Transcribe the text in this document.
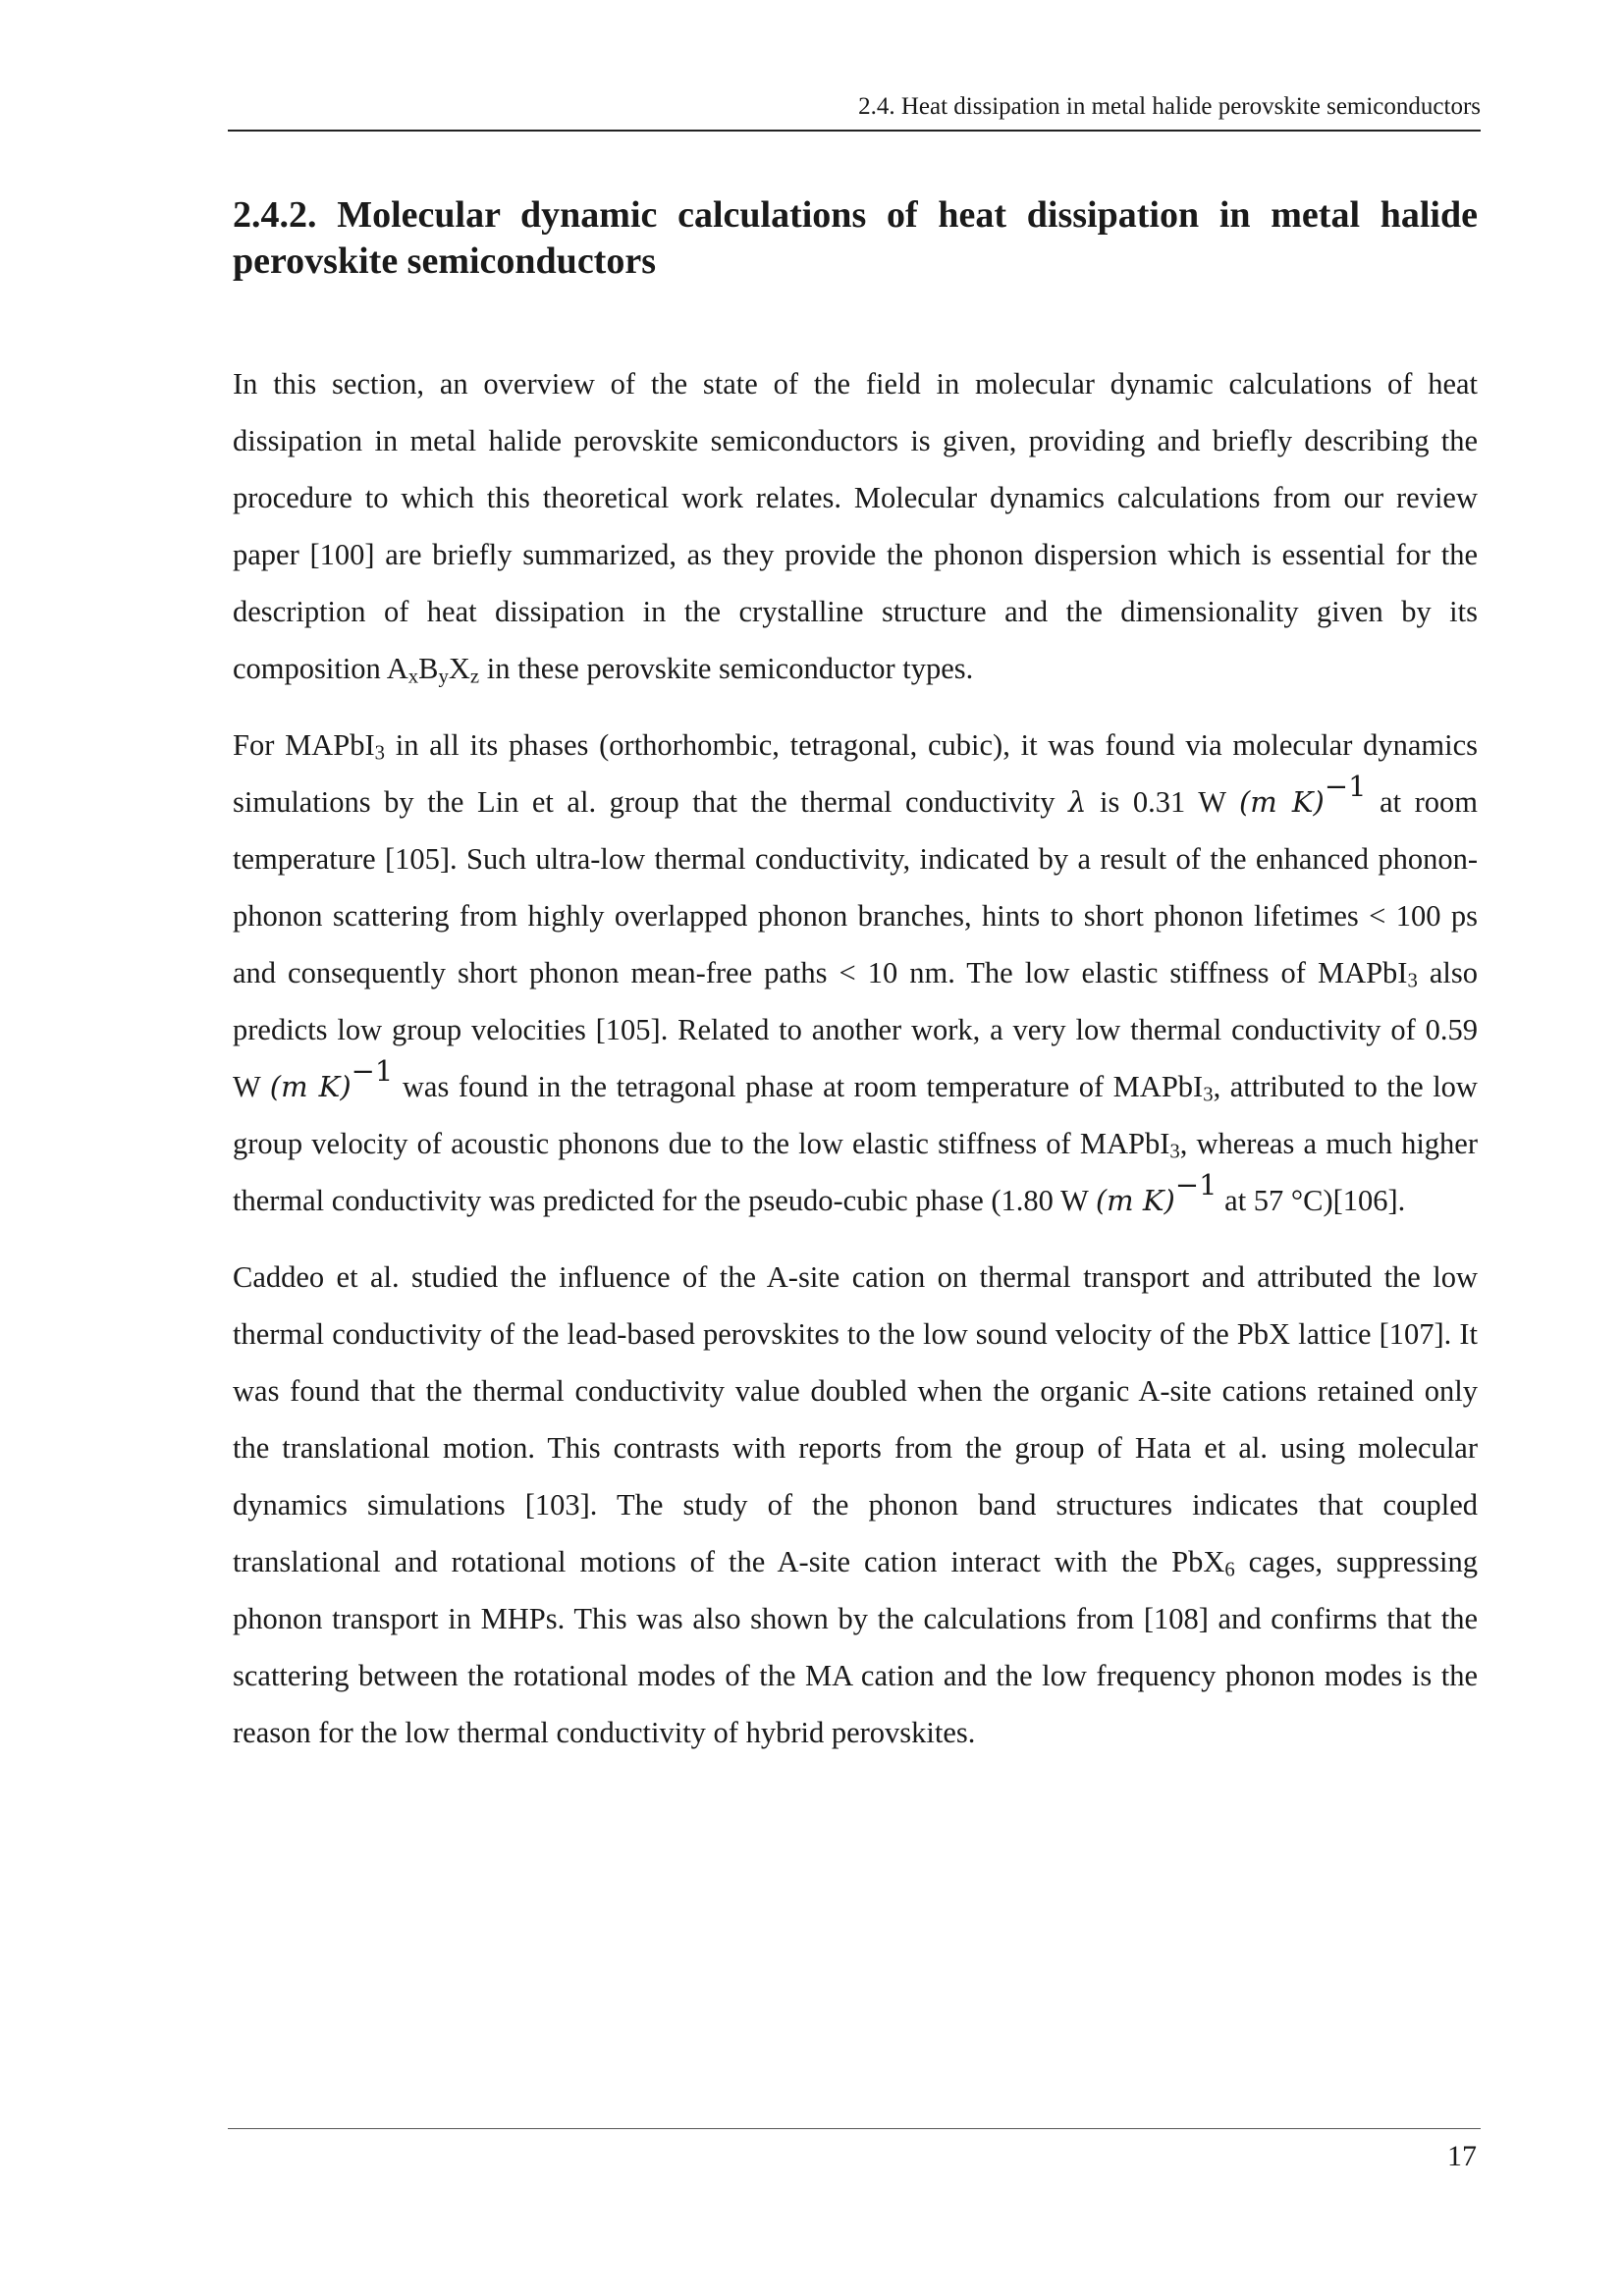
2.4. Heat dissipation in metal halide perovskite semiconductors
2.4.2. Molecular dynamic calculations of heat dissipation in metal halide perovskite semiconductors

In this section, an overview of the state of the field in molecular dynamic calculations of heat dissipation in metal halide perovskite semiconductors is given, providing and briefly describing the procedure to which this theoretical work relates. Molecular dynamics calculations from our review paper [100] are briefly summarized, as they provide the phonon dispersion which is essential for the description of heat dissipation in the crystalline structure and the dimensionality given by its composition $A_xB_yX_z$ in these perovskite semiconductor types.

For MAPbI$_3$ in all its phases (orthorhombic, tetragonal, cubic), it was found via molecular dynamics simulations by the Lin et al. group that the thermal conductivity λ is 0.31 W (m K)$^{-1}$ at room temperature [105]. Such ultra-low thermal conductivity, indicated by a result of the enhanced phonon-phonon scattering from highly overlapped phonon branches, hints to short phonon lifetimes < 100 ps and consequently short phonon mean-free paths < 10 nm. The low elastic stiffness of MAPbI$_3$ also predicts low group velocities [105]. Related to another work, a very low thermal conductivity of 0.59 W (m K)$^{-1}$ was found in the tetragonal phase at room temperature of MAPbI$_3$, attributed to the low group velocity of acoustic phonons due to the low elastic stiffness of MAPbI$_3$, whereas a much higher thermal conductivity was predicted for the pseudo-cubic phase (1.80 W (m K)$^{-1}$ at 57 °C)[106].

Caddeo et al. studied the influence of the A-site cation on thermal transport and attributed the low thermal conductivity of the lead-based perovskites to the low sound velocity of the PbX lattice [107]. It was found that the thermal conductivity value doubled when the organic A-site cations retained only the translational motion. This contrasts with reports from the group of Hata et al. using molecular dynamics simulations [103]. The study of the phonon band structures indicates that coupled translational and rotational motions of the A-site cation interact with the PbX$_6$ cages, suppressing phonon transport in MHPs. This was also shown by the calculations from [108] and confirms that the scattering between the rotational modes of the MA cation and the low frequency phonon modes is the reason for the low thermal conductivity of hybrid perovskites.

17
